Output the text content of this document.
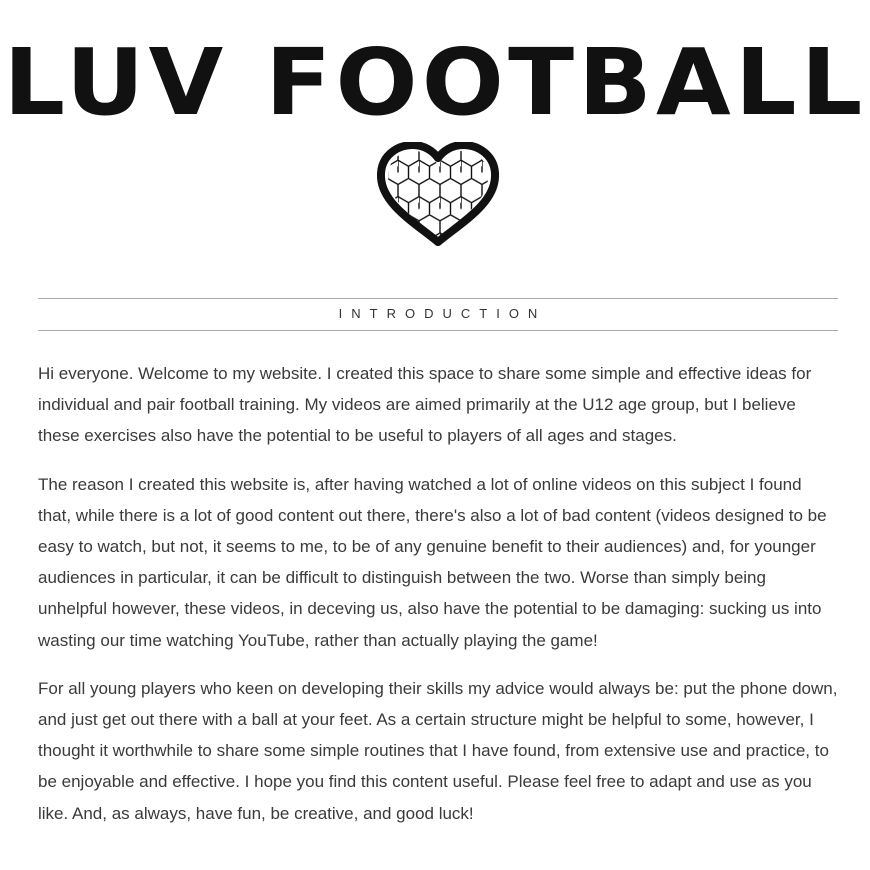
LUV FOOTBALL
INTRODUCTION

Hi everyone. Welcome to my website. I created this space to share some simple and effective ideas for individual and pair football training. My videos are aimed primarily at the U12 age group, but I believe these exercises also have the potential to be useful to players of all ages and stages.

The reason I created this website is, after having watched a lot of online videos on this subject I found that, while there is a lot of good content out there, there's also a lot of bad content (videos designed to be easy to watch, but not, it seems to me, to be of any genuine benefit to their audiences) and, for younger audiences in particular, it can be difficult to distinguish between the two. Worse than simply being unhelpful however, these videos, in deceving us, also have the potential to be damaging: sucking us into wasting our time watching YouTube, rather than actually playing the game!

For all young players who keen on developing their skills my advice would always be: put the phone down, and just get out there with a ball at your feet. As a certain structure might be helpful to some, however, I thought it worthwhile to share some simple routines that I have found, from extensive use and practice, to be enjoyable and effective. I hope you find this content useful. Please feel free to adapt and use as you like. And, as always, have fun, be creative, and good luck!
